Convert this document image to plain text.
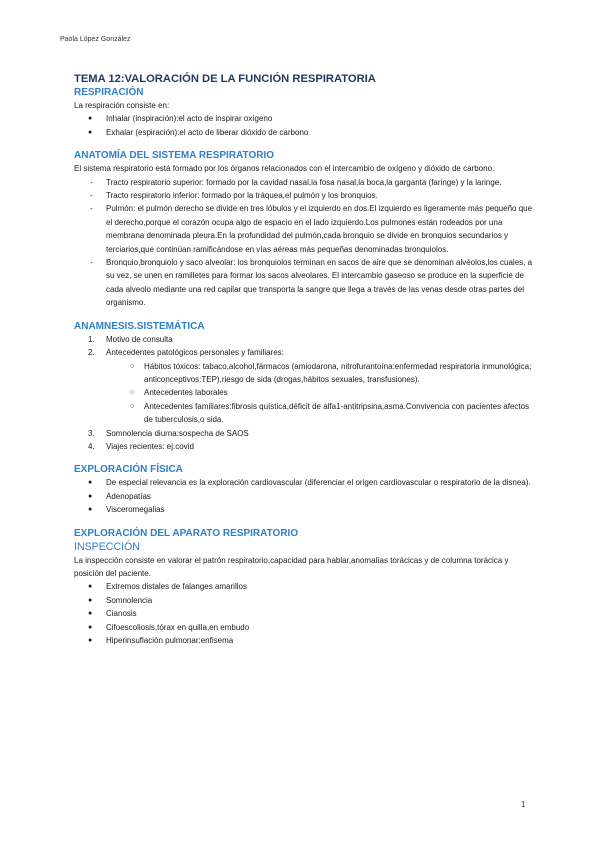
Paola López González
TEMA 12:VALORACIÓN DE LA FUNCIÓN RESPIRATORIA
RESPIRACIÓN

La respiración consiste en:

● Inhalar (inspiración):el acto de inspirar oxígeno
● Exhalar (espiración):el acto de liberar dióxido de carbono
ANATOMÍA DEL SISTEMA RESPIRATORIO

El sistema respiratorio está formado por los órganos relacionados con el intercambio de oxígeno y dióxido de carbono.

- Tracto respiratorio superior: formado por la cavidad nasal,la fosa nasal,la boca,la garganta (faringe) y la laringe.
- Tracto respiratorio inferior: formado por la tráquea,el pulmón y los bronquios.
- Pulmón: el pulmón derecho se divide en tres lóbulos y el izquierdo en dos.El izquierdo es ligeramente más pequeño que el derecho,porque el corazón ocupa algo de espacio en el lado izquierdo.Los pulmones están rodeados por una membrana denominada pleura.En la profundidad del pulmón,cada bronquio se divide en bronquios secundarios y terciarios,que continúan ramificándose en vías aéreas más pequeñas denominadas bronquiolos.
- Bronquio,bronquiolo y saco alveolar: los bronquiolos terminan en sacos de aire que se denominan alvéolos,los cuales, a su vez, se unen en ramilletes para formar los sacos alveolares. El intercambio gaseoso se produce en la superficie de cada alveolo mediante una red capilar que transporta la sangre que llega a través de las venas desde otras partes del organismo.
ANAMNESIS.SISTEMÁTICA
1. Motivo de consulta
2. Antecedentes patológicos personales y familiares:
○ Hábitos tóxicos: tabaco,alcohol,fármacos (amiodarona, nitrofurantoína:enfermedad respiratoria inmunológica; anticonceptivos:TEP),riesgo de sida (drogas,hábitos sexuales, transfusiones).
○ Antecedentes laborales
○ Antecedentes familiares:fibrosis quística,déficit de alfa1-antitripsina,asma.Convivencia con pacientes afectos de tuberculosis,o sida.
3. Somnolencia diurna:sospecha de SAOS
4. Viajes recientes: ej.covid
EXPLORACIÓN FÍSICA
● De especial relevancia es la exploración cardiovascular (diferenciar el origen cardiovascular o respiratorio de la disnea).
● Adenopatías
● Visceromegalias
EXPLORACIÓN DEL APARATO RESPIRATORIO
INSPECCIÓN

La inspección consiste en valorar el patrón respiratorio,capacidad para hablar,anomalías torácicas y de columna torácica y posición del paciente.

● Extremos distales de falanges amarillos
● Somnolencia
● Cianosis
● Cifoescoliosis,tórax en quilla,en embudo
● Hiperinsuflación pulmonar:enfisema
1
